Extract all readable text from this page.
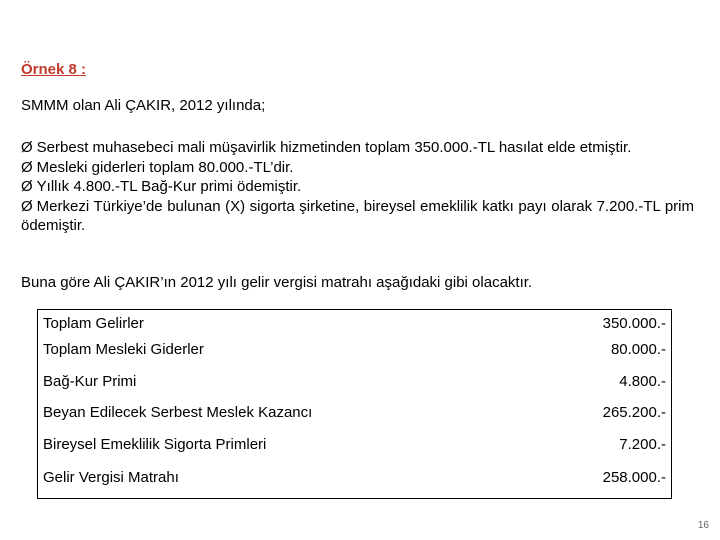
Örnek 8 :
SMMM olan Ali ÇAKIR, 2012 yılında;
Ø Serbest muhasebeci mali müşavirlik hizmetinden toplam 350.000.-TL hasılat elde etmiştir.
Ø Mesleki giderleri toplam 80.000.-TL’dir.
Ø Yıllık 4.800.-TL Bağ-Kur primi ödemiştir.
Ø Merkezi Türkiye’de bulunan (X) sigorta şirketine, bireysel emeklilik katkı payı olarak 7.200.-TL prim ödemiştir.
Buna göre Ali ÇAKIR’ın 2012 yılı gelir vergisi matrahı aşağıdaki gibi olacaktır.
Toplam Gelirler	350.000.-
Toplam Mesleki Giderler	80.000.-
Bağ-Kur Primi	4.800.-
Beyan Edilecek Serbest Meslek Kazancı	265.200.-
Bireysel Emeklilik Sigorta Primleri	7.200.-
Gelir Vergisi Matrahı	258.000.-
16
